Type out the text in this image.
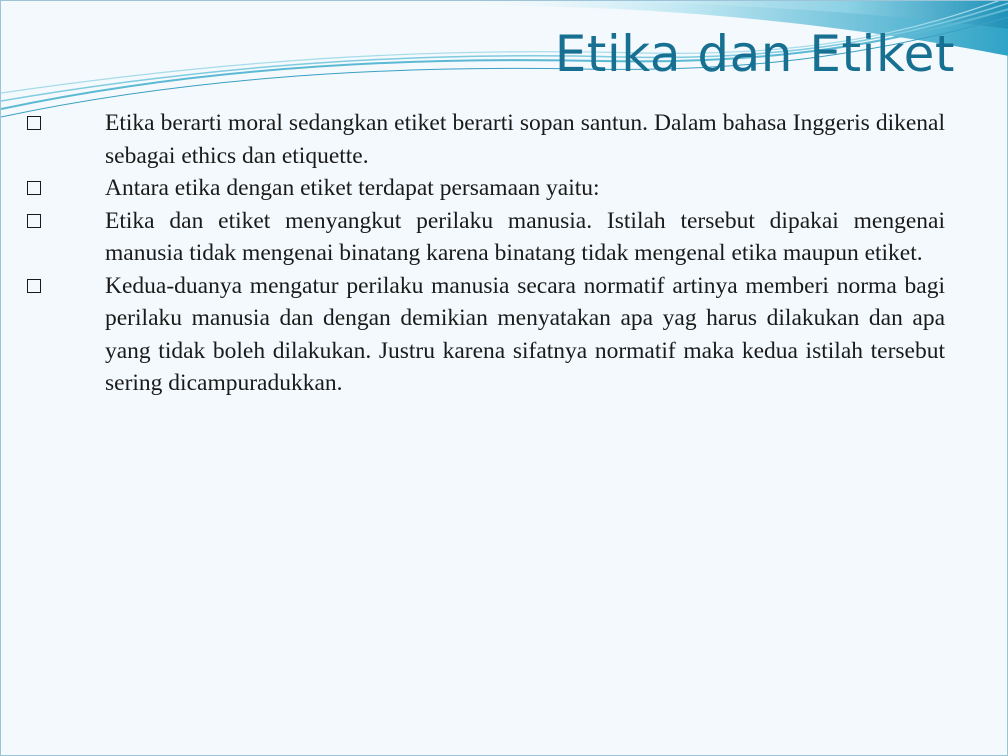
Etika dan Etiket
Etika berarti moral sedangkan etiket berarti sopan santun. Dalam bahasa Inggeris dikenal sebagai ethics dan etiquette.
Antara etika dengan etiket terdapat persamaan yaitu:
Etika dan etiket menyangkut perilaku manusia. Istilah tersebut dipakai mengenai manusia tidak mengenai binatang karena binatang tidak mengenal etika maupun etiket.
Kedua-duanya mengatur perilaku manusia secara normatif artinya memberi norma bagi perilaku manusia dan dengan demikian menyatakan apa yag harus dilakukan dan apa yang tidak boleh dilakukan. Justru karena sifatnya normatif maka kedua istilah tersebut sering dicampuradukkan.
